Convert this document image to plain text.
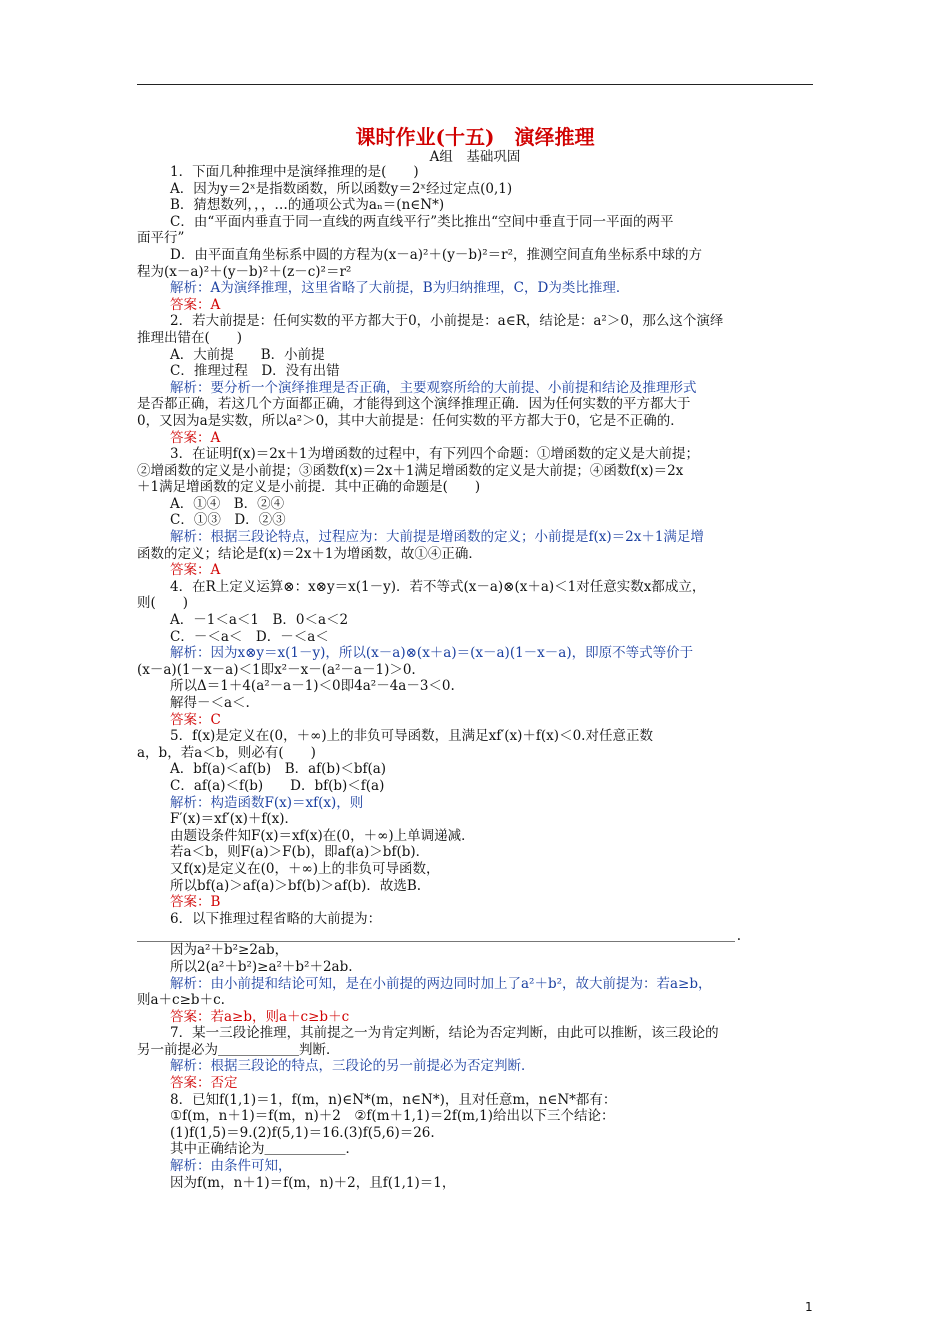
课时作业(十五)　演绎推理
A组　基础巩固
1．下面几种推理中是演绎推理的是(　　)
A．因为y＝2ˣ是指数函数，所以函数y＝2ˣ经过定点(0,1)
B．猜想数列，，，…的通项公式为aₙ＝(n∈N*)
C．由“平面内垂直于同一直线的两直线平行”类比推出“空间中垂直于同一平面的两平
面平行”
D．由平面直角坐标系中圆的方程为(x－a)²＋(y－b)²＝r²，推测空间直角坐标系中球的方
程为(x－a)²＋(y－b)²＋(z－c)²＝r²
解析：A为演绎推理，这里省略了大前提，B为归纳推理，C，D为类比推理．
答案：A
2．若大前提是：任何实数的平方都大于0，小前提是：a∈R，结论是：a²＞0，那么这个演绎
推理出错在(　　)
A．大前提　　B．小前提
C．推理过程　D．没有出错
解析：要分析一个演绎推理是否正确，主要观察所给的大前提、小前提和结论及推理形式
是否都正确，若这几个方面都正确，才能得到这个演绎推理正确．因为任何实数的平方都大于
0，又因为a是实数，所以a²＞0，其中大前提是：任何实数的平方都大于0，它是不正确的．
答案：A
3．在证明f(x)＝2x＋1为增函数的过程中，有下列四个命题：①增函数的定义是大前提；
②增函数的定义是小前提；③函数f(x)＝2x＋1满足增函数的定义是大前提；④函数f(x)＝2x
＋1满足增函数的定义是小前提．其中正确的命题是(　　)
A．①④　B．②④
C．①③　D．②③
解析：根据三段论特点，过程应为：大前提是增函数的定义；小前提是f(x)＝2x＋1满足增
函数的定义；结论是f(x)＝2x＋1为增函数，故①④正确．
答案：A
4．在R上定义运算⊗：x⊗y＝x(1－y)．若不等式(x－a)⊗(x＋a)＜1对任意实数x都成立，
则(　　)
A．－1＜a＜1　B．0＜a＜2
C．－＜a＜　D．－＜a＜
解析：因为x⊗y＝x(1－y)，所以(x－a)⊗(x＋a)＝(x－a)(1－x－a)，即原不等式等价于
(x－a)(1－x－a)＜1即x²－x－(a²－a－1)＞0.
所以Δ＝1＋4(a²－a－1)＜0即4a²－4a－3＜0.
解得－＜a＜.
答案：C
5．f(x)是定义在(0，＋∞)上的非负可导函数，且满足xf′(x)＋f(x)＜0.对任意正数
a，b，若a＜b，则必有(　　)
A．bf(a)＜af(b)　B．af(b)＜bf(a)
C．af(a)＜f(b)　　D．bf(b)＜f(a)
解析：构造函数F(x)＝xf(x)，则
F′(x)＝xf′(x)＋f(x)．
由题设条件知F(x)＝xf(x)在(0，＋∞)上单调递减．
若a＜b，则F(a)＞F(b)，即af(a)＞bf(b)．
又f(x)是定义在(0，＋∞)上的非负可导函数，
所以bf(a)＞af(a)＞bf(b)＞af(b)．故选B.
答案：B
6．以下推理过程省略的大前提为：
.
因为a²＋b²≥2ab，
所以2(a²＋b²)≥a²＋b²＋2ab.
解析：由小前提和结论可知，是在小前提的两边同时加上了a²＋b²，故大前提为：若a≥b，
则a＋c≥b＋c.
答案：若a≥b，则a＋c≥b＋c
7．某一三段论推理，其前提之一为肯定判断，结论为否定判断，由此可以推断，该三段论的
另一前提必为＿＿＿＿＿＿判断．
解析：根据三段论的特点，三段论的另一前提必为否定判断．
答案：否定
8．已知f(1,1)＝1，f(m，n)∈N*(m，n∈N*)，且对任意m，n∈N*都有：
①f(m，n＋1)＝f(m，n)＋2　②f(m＋1,1)＝2f(m,1)给出以下三个结论：
(1)f(1,5)＝9.(2)f(5,1)＝16.(3)f(5,6)＝26.
其中正确结论为＿＿＿＿＿＿．
解析：由条件可知，
因为f(m，n＋1)＝f(m，n)＋2，且f(1,1)＝1，
1
